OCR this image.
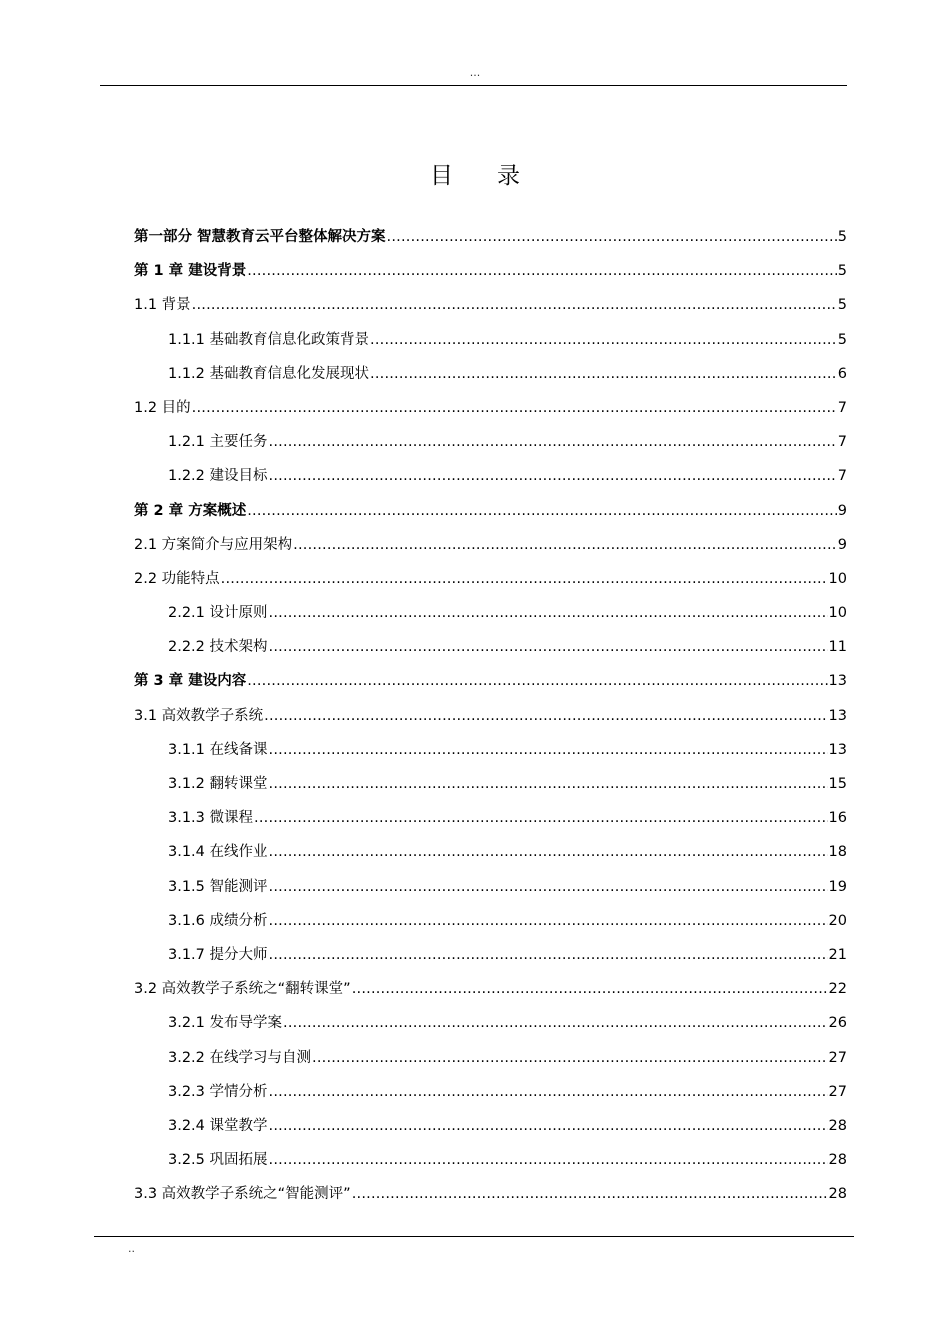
...
目录
第一部分 智慧教育云平台整体解决方案 .....	5
第 1 章 建设背景 .....	5
1.1 背景 .....	5
1.1.1 基础教育信息化政策背景 .....	5
1.1.2 基础教育信息化发展现状 .....	6
1.2 目的 .....	7
1.2.1 主要任务 .....	7
1.2.2 建设目标 .....	7
第 2 章 方案概述 .....	9
2.1 方案简介与应用架构 .....	9
2.2 功能特点 .....	10
2.2.1 设计原则 .....	10
2.2.2 技术架构 .....	11
第 3 章 建设内容 .....	13
3.1 高效教学子系统 .....	13
3.1.1 在线备课 .....	13
3.1.2 翻转课堂 .....	15
3.1.3 微课程 .....	16
3.1.4 在线作业 .....	18
3.1.5 智能测评 .....	19
3.1.6 成绩分析 .....	20
3.1.7 提分大师 .....	21
3.2 高效教学子系统之“翻转课堂” .....	22
3.2.1 发布导学案 .....	26
3.2.2 在线学习与自测 .....	27
3.2.3 学情分析 .....	27
3.2.4 课堂教学 .....	28
3.2.5 巩固拓展 .....	28
3.3 高效教学子系统之“智能测评” .....	28
..
